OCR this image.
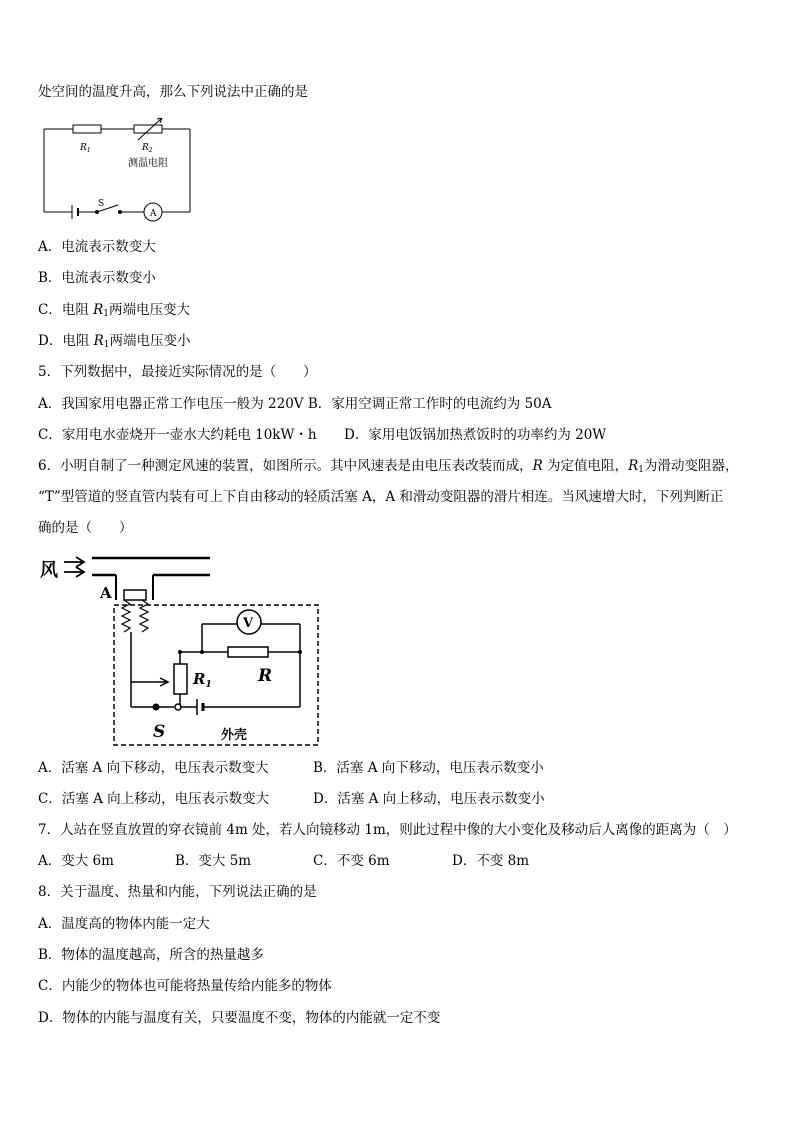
处空间的温度升高，那么下列说法中正确的是
$R_1$	$R_2$
测温电阻
S
A
A．电流表示数变大
B．电流表示数变小
C．电阻 $R_1$两端电压变大
D．电阻 $R_1$两端电压变小
5．下列数据中，最接近实际情况的是（　　）
A．我国家用电器正常工作电压一般为 220V B．家用空调正常工作时的电流约为 50A
C．家用电水壶烧开一壶水大约耗电 10kW・h D．家用电饭锅加热煮饭时的功率约为 20W
6．小明自制了一种测定风速的装置，如图所示。其中风速表是由电压表改装而成，R 为定值电阻，$R_1$为滑动变阻器，
“T”型管道的竖直管内装有可上下自由移动的轻质活塞 A，A 和滑动变阻器的滑片相连。当风速增大时，下列判断正
确的是（　　）
风
A
V
$R_1$	R
S	外壳
A．活塞 A 向下移动，电压表示数变大	B．活塞 A 向下移动，电压表示数变小
C．活塞 A 向上移动，电压表示数变大	D．活塞 A 向上移动，电压表示数变小
7．人站在竖直放置的穿衣镜前 4m 处，若人向镜移动 1m，则此过程中像的大小变化及移动后人离像的距离为（　）
A．变大 6m	B．变大 5m	C．不变 6m	D．不变 8m
8．关于温度、热量和内能，下列说法正确的是
A．温度高的物体内能一定大
B．物体的温度越高，所含的热量越多
C．内能少的物体也可能将热量传给内能多的物体
D．物体的内能与温度有关，只要温度不变，物体的内能就一定不变
